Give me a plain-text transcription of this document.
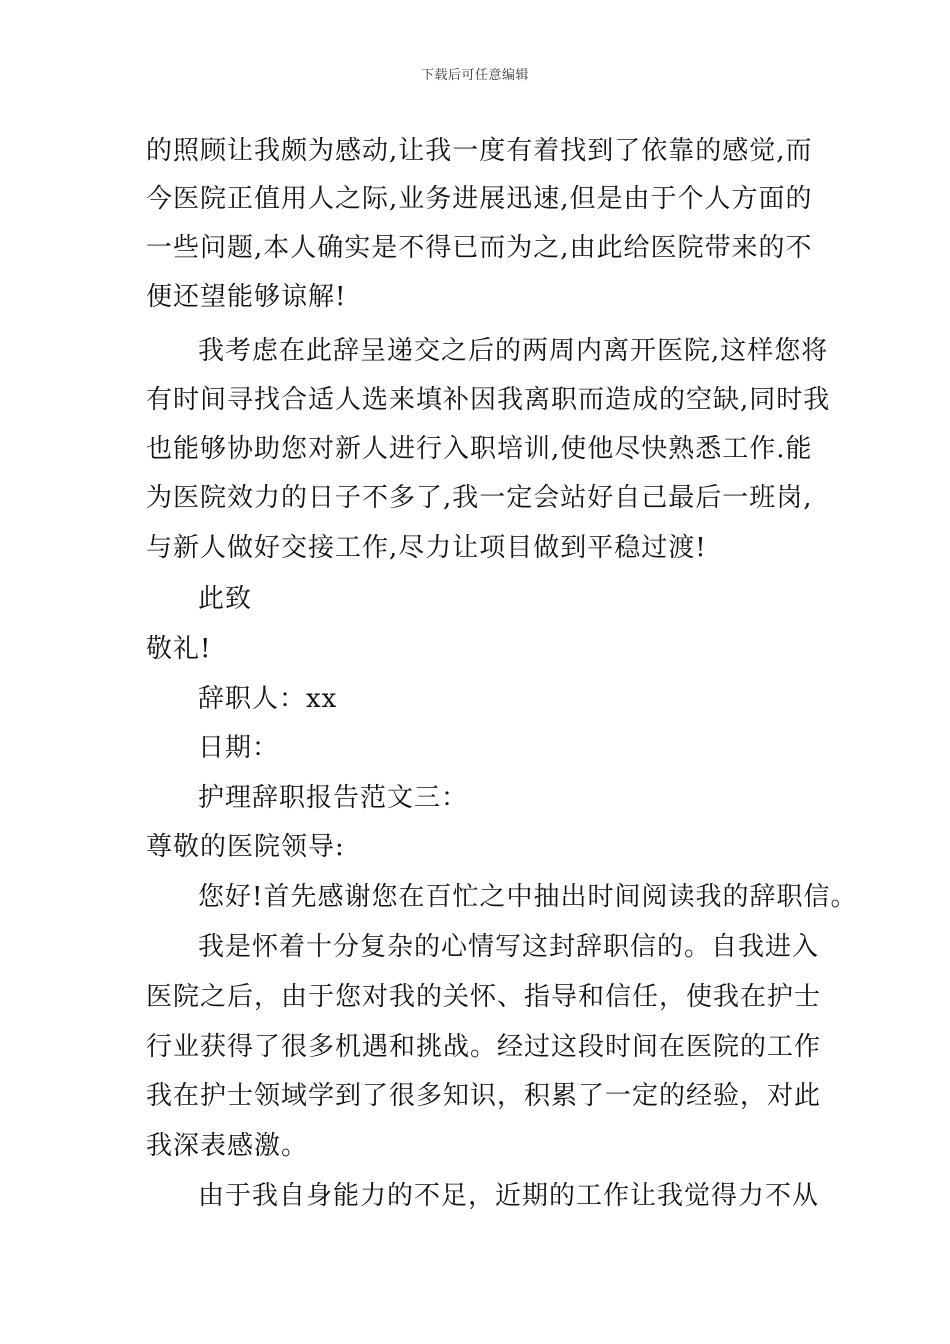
下载后可任意编辑
的照顾让我颇为感动,让我一度有着找到了依靠的感觉,而
今医院正值用人之际,业务进展迅速,但是由于个人方面的
一些问题,本人确实是不得已而为之,由此给医院带来的不
便还望能够谅解!
我考虑在此辞呈递交之后的两周内离开医院,这样您将
有时间寻找合适人选来填补因我离职而造成的空缺,同时我
也能够协助您对新人进行入职培训,使他尽快熟悉工作.能
为医院效力的日子不多了,我一定会站好自己最后一班岗,
与新人做好交接工作,尽力让项目做到平稳过渡!
此致
敬礼!
辞职人：xx
日期：
护理辞职报告范文三：
尊敬的医院领导:
您好!首先感谢您在百忙之中抽出时间阅读我的辞职信。
我是怀着十分复杂的心情写这封辞职信的。自我进入
医院之后，由于您对我的关怀、指导和信任，使我在护士
行业获得了很多机遇和挑战。经过这段时间在医院的工作
我在护士领域学到了很多知识，积累了一定的经验，对此
我深表感激。
由于我自身能力的不足，近期的工作让我觉得力不从
